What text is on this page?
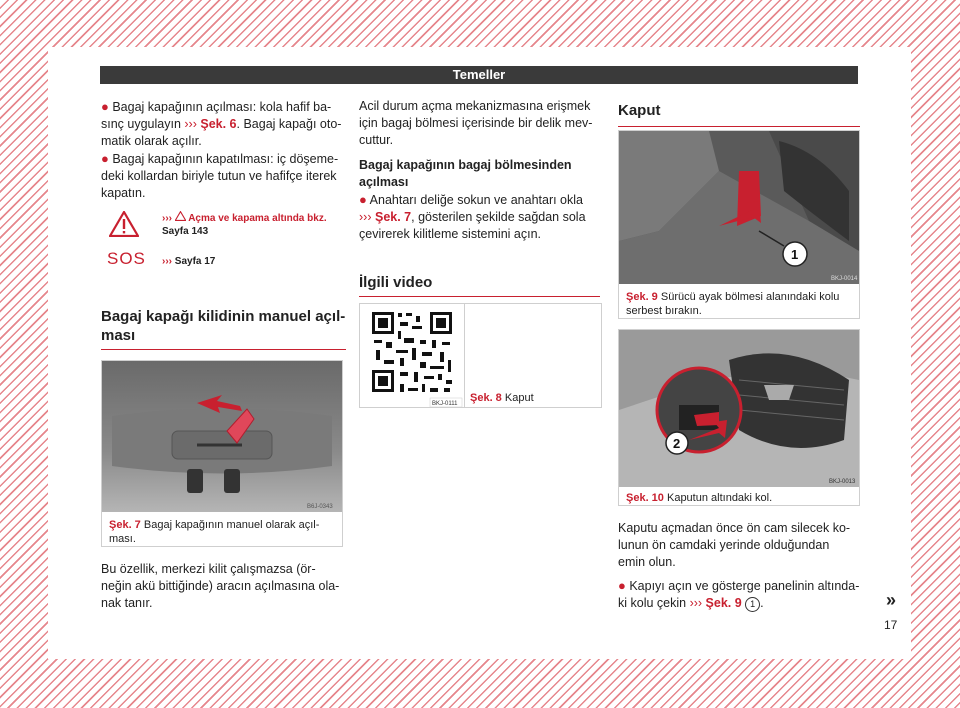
Temeller

● Bagaj kapağının açılması: kola hafif ba-
sınç uygulayın ››› Şek. 6. Bagaj kapağı oto-
matik olarak açılır.

● Bagaj kapağının kapatılması: iç döşeme-
deki kollardan biriyle tutun ve hafifçe iterek
kapatın.

SOS
››› Açma ve kapama altında bkz.
Sayfa 143
››› Sayfa 17
Bagaj kapağı kilidinin manuel açıl-
ması
B6J-0343
Şek. 7 Bagaj kapağının manuel olarak açıl-
ması.
Bu özellik, merkezi kilit çalışmazsa (ör-
neğin akü bittiğinde) aracın açılmasına ola-
nak tanır.

Acil durum açma mekanizmasına erişmek
için bagaj bölmesi içerisinde bir delik mev-
cuttur.

Bagaj kapağının bagaj bölmesinden
açılması

● Anahtarı deliğe sokun ve anahtarı okla
››› Şek. 7, gösterilen şekilde sağdan sola
çevirerek kilitleme sistemini açın.

İlgili video
BKJ-0111 Şek. 8 Kaput
Kaput
1
BKJ-0014
Şek. 9 Sürücü ayak bölmesi alanındaki kolu
serbest bırakın.
2
BKJ-0013
Şek. 10 Kaputun altındaki kol.

Kaputu açmadan önce ön cam silecek ko-
lunun ön camdaki yerinde olduğundan
emin olun.

● Kapıyı açın ve gösterge panelinin altında-
ki kolu çekin ››› Şek. 9 1 .	»
17
